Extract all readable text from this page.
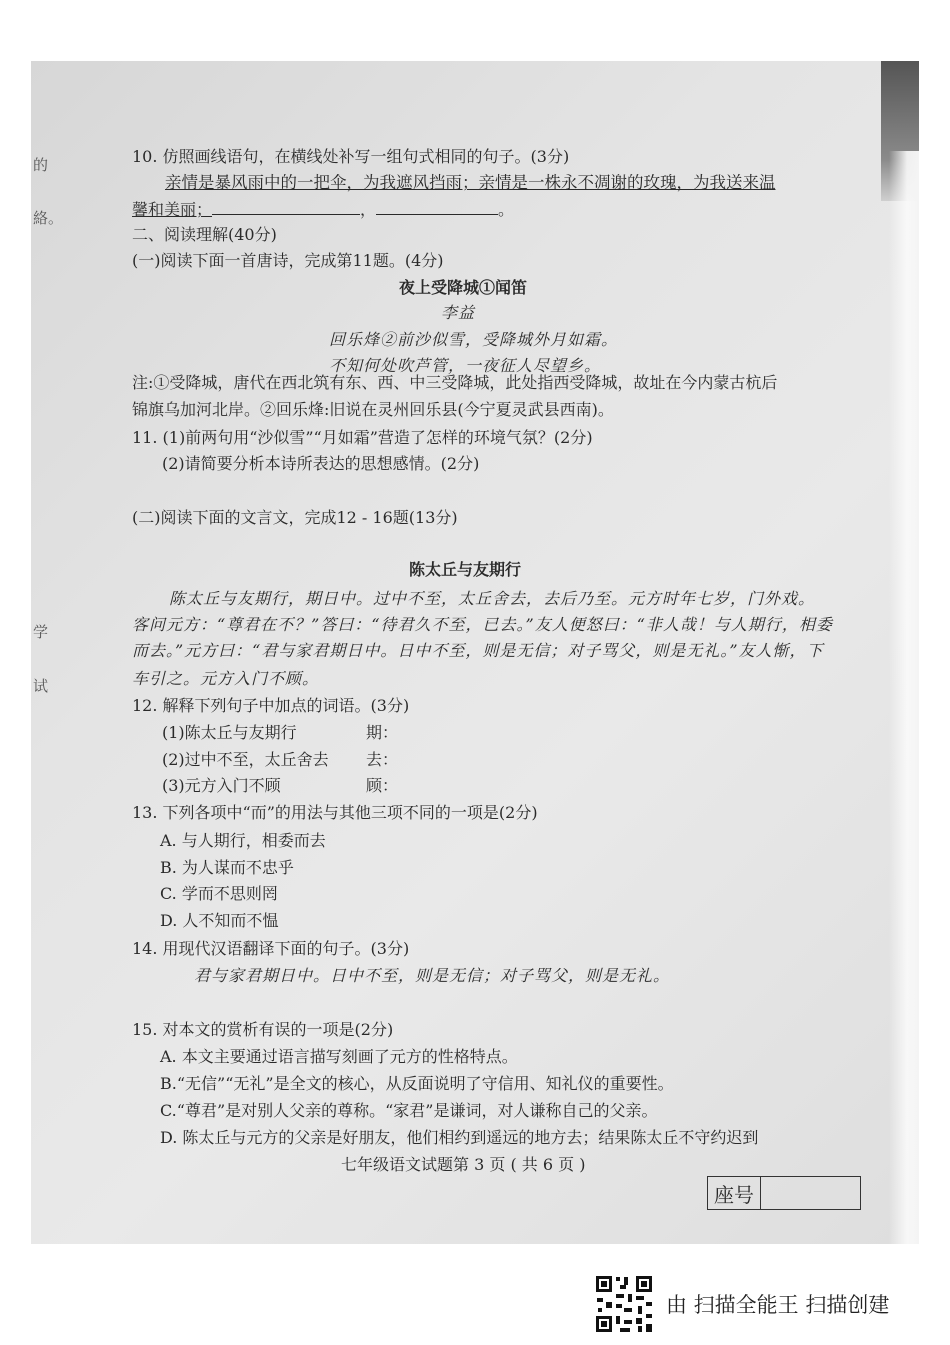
的
絡。
学
试
10. 仿照画线语句，在横线处补写一组句式相同的句子。(3分)
亲情是暴风雨中的一把伞，为我遮风挡雨；亲情是一株永不凋谢的玫瑰，为我送来温
馨和美丽；	，	。
二、阅读理解(40分)
(一)阅读下面一首唐诗，完成第11题。(4分)
夜上受降城①闻笛
李益
回乐烽②前沙似雪，受降城外月如霜。
不知何处吹芦管，一夜征人尽望乡。
注:①受降城，唐代在西北筑有东、西、中三受降城，此处指西受降城，故址在今内蒙古杭后
锦旗乌加河北岸。②回乐烽:旧说在灵州回乐县(今宁夏灵武县西南)。
11. (1)前两句用“沙似雪”“月如霜”营造了怎样的环境气氛？(2分)
(2)请简要分析本诗所表达的思想感情。(2分)
(二)阅读下面的文言文，完成12 - 16题(13分)
陈太丘与友期行
陈太丘与友期行，期日中。过中不至，太丘舍去，去后乃至。元方时年七岁，门外戏。
客问元方：“尊君在不？”答曰：“待君久不至，已去。”友人便怒曰：“非人哉！与人期行，相委
而去。”元方曰：“君与家君期日中。日中不至，则是无信；对子骂父，则是无礼。”友人惭，下
车引之。元方入门不顾。
12. 解释下列句子中加点的词语。(3分)
(1)陈太丘与友期行	期：
(2)过中不至，太丘舍去 去：
(3)元方入门不顾	顾：
13. 下列各项中“而”的用法与其他三项不同的一项是(2分)
A. 与人期行，相委而去
B. 为人谋而不忠乎
C. 学而不思则罔
D. 人不知而不愠
14. 用现代汉语翻译下面的句子。(3分)
君与家君期日中。日中不至，则是无信；对子骂父，则是无礼。
15. 对本文的赏析有误的一项是(2分)
A. 本文主要通过语言描写刻画了元方的性格特点。
B.“无信”“无礼”是全文的核心，从反面说明了守信用、知礼仪的重要性。
C.“尊君”是对别人父亲的尊称。“家君”是谦词，对人谦称自己的父亲。
D. 陈太丘与元方的父亲是好朋友，他们相约到遥远的地方去；结果陈太丘不守约迟到
七年级语文试题第 3 页 ( 共 6 页 )
座号
由 扫描全能王 扫描创建
